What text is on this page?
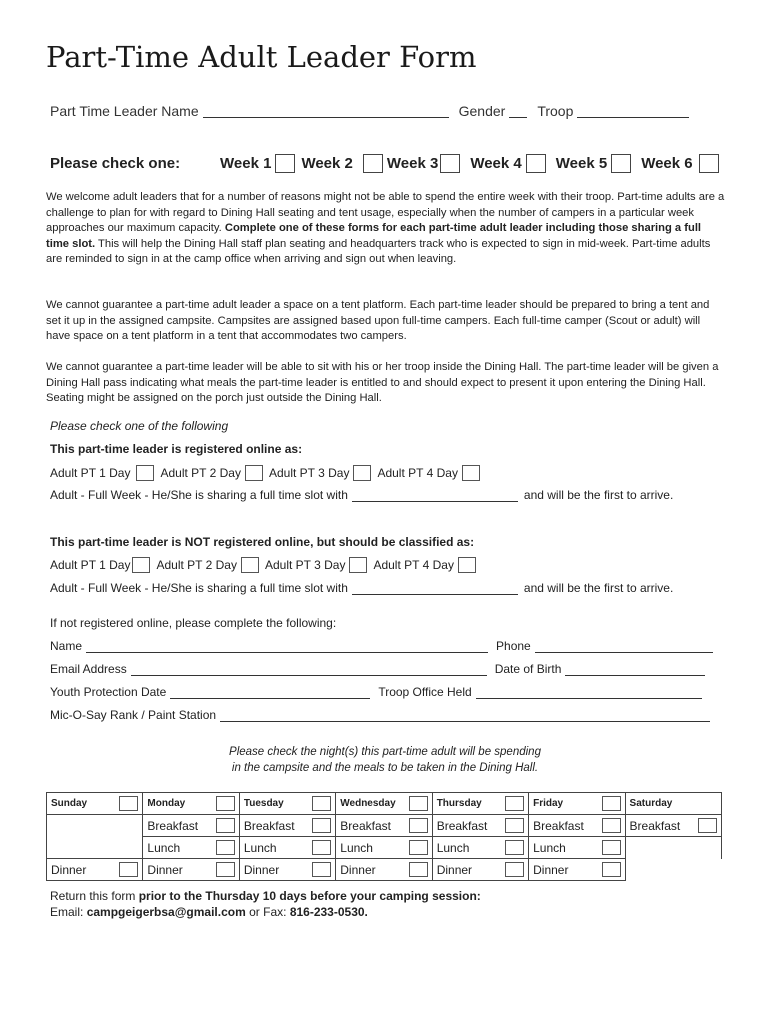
Part-Time Adult Leader Form
Part Time Leader Name	Gender Troop
Please check one:	Week 1 Week 2 Week 3 Week 4 Week 5 Week 6

We welcome adult leaders that for a number of reasons might not be able to spend the entire week with their troop. Part-time adults are a challenge to plan for with regard to Dining Hall seating and tent usage, especially when the number of campers in a particular week approaches our maximum capacity. Complete one of these forms for each part-time adult leader including those sharing a full time slot. This will help the Dining Hall staff plan seating and headquarters track who is expected to sign in mid-week. Part-time adults are reminded to sign in at the camp office when arriving and sign out when leaving.

We cannot guarantee a part-time adult leader a space on a tent platform. Each part-time leader should be prepared to bring a tent and set it up in the assigned campsite. Campsites are assigned based upon full-time campers. Each full-time camper (Scout or adult) will have space on a tent platform in a tent that accommodates two campers.

We cannot guarantee a part-time leader will be able to sit with his or her troop inside the Dining Hall. The part-time leader will be given a Dining Hall pass indicating what meals the part-time leader is entitled to and should expect to present it upon entering the Dining Hall. Seating might be assigned on the porch just outside the Dining Hall.

Please check one of the following
This part-time leader is registered online as:
Adult PT 1 Day	Adult PT 2 Day Adult PT 3 Day Adult PT 4 Day
Adult - Full Week - He/She is sharing a full time slot with	and will be the first to arrive.
This part-time leader is NOT registered online, but should be classified as:
Adult PT 1 Day Adult PT 2 Day Adult PT 3 Day Adult PT 4 Day
Adult - Full Week - He/She is sharing a full time slot with	and will be the first to arrive.
If not registered online, please complete the following:
Name	Phone
Email Address	Date of Birth
Youth Protection Date	Troop Office Held
Mic-O-Say Rank / Paint Station
Please check the night(s) this part-time adult will be spending
in the campsite and the meals to be taken in the Dining Hall.
Sunday	Monday	Tuesday	Wednesday	Thursday	Friday	Saturday

	Breakfast	Breakfast	Breakfast	Breakfast	Breakfast	Breakfast

	Lunch	Lunch	Lunch	Lunch	Lunch	

Dinner	Dinner	Dinner	Dinner	Dinner	Dinner	

Return this form prior to the Thursday 10 days before your camping session:
Email: campgeigerbsa@gmail.com or Fax: 816-233-0530.
